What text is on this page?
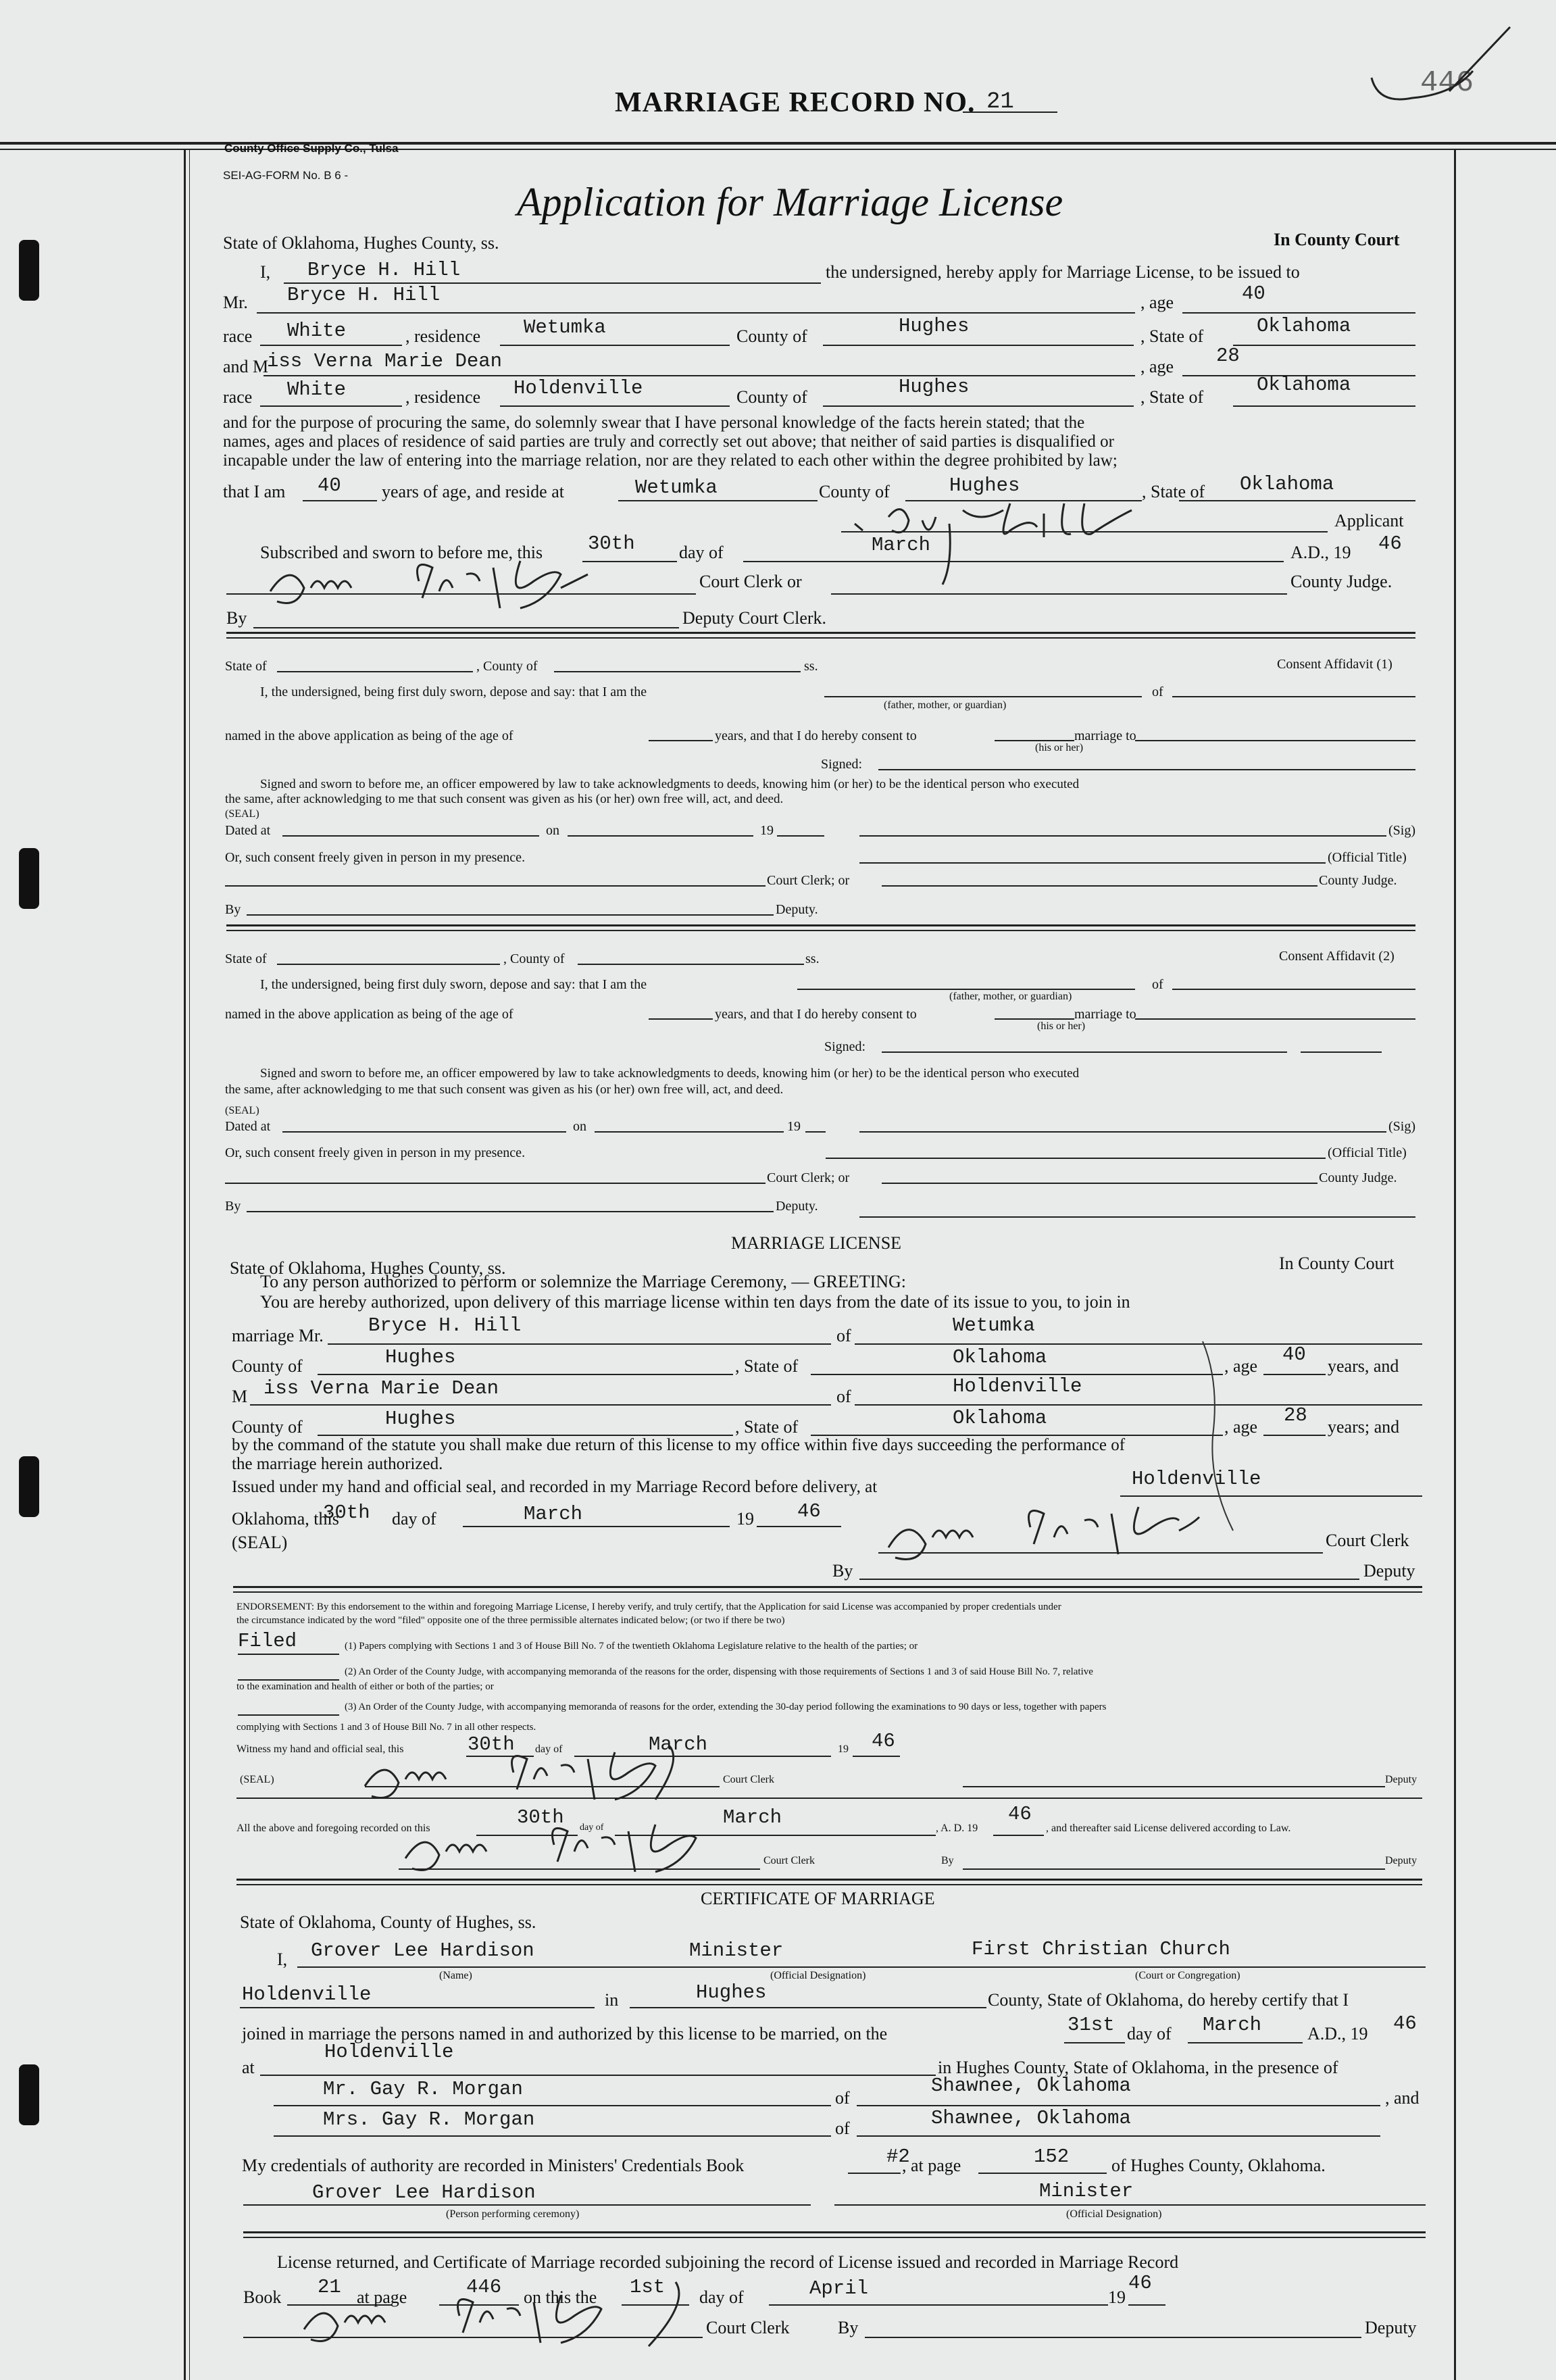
MARRIAGE RECORD NO. 21
446
County Office Supply Co., Tulsa
SEI-AG-FORM No. B 6 -
Application for Marriage License
State of Oklahoma, Hughes County, ss.	In County Court
I, Bryce H. Hill	the undersigned, hereby apply for Marriage License, to be issued to
Mr. Bryce H. Hill	, age	40
race White	, residence Wetumka	County of	Hughes	, State of	Oklahoma
and M
iss Verna Marie Dean	, age 28
race White	, residence Holdenville	County of	Hughes	, State of
Oklahoma
and for the purpose of procuring the same, do solemnly swear that I have personal knowledge of the facts herein stated; that the
names, ages and places of residence of said parties are truly and correctly set out above; that neither of said parties is disqualified or
incapable under the law of entering into the marriage relation, nor are they related to each other within the degree prohibited by law;
that I am 40 years of age, and reside at	Wetumka	County of	Hughes	, State of Oklahoma
Applicant
Subscribed and sworn to before me, this 30th	day of	March	A.D., 19 46
Court Clerk or	County Judge.
By	Deputy Court Clerk.
State of	, County of	ss.	Consent Affidavit (1)
I, the undersigned, being first duly sworn, depose and say: that I am the
(father, mother, or guardian)
of
named in the above application as being of the age of	years, and that I do hereby consent to	marriage to
(his or her)
Signed:
Signed and sworn to before me, an officer empowered by law to take acknowledgments to deeds, knowing him (or her) to be the identical person who executed
the same, after acknowledging to me that such consent was given as his (or her) own free will, act, and deed.
(SEAL)
Dated at	on	19	(Sig)
Or, such consent freely given in person in my presence.	(Official Title)
Court Clerk; or	County Judge.
By	Deputy.
State of	, County of	ss.	Consent Affidavit (2)
I, the undersigned, being first duly sworn, depose and say: that I am the
(father, mother, or guardian)
of
named in the above application as being of the age of	years, and that I do hereby consent to	marriage to
(his or her)
Signed:
Signed and sworn to before me, an officer empowered by law to take acknowledgments to deeds, knowing him (or her) to be the identical person who executed
the same, after acknowledging to me that such consent was given as his (or her) own free will, act, and deed.
(SEAL)
Dated at	on	19	(Sig)
Or, such consent freely given in person in my presence.	(Official Title)
Court Clerk; or	County Judge.
By	Deputy.
MARRIAGE LICENSE
State of Oklahoma, Hughes County, ss.	In County Court
To any person authorized to perform or solemnize the Marriage Ceremony, — GREETING:
You are hereby authorized, upon delivery of this marriage license within ten days from the date of its issue to you, to join in
marriage Mr. Bryce H. Hill	of	Wetumka
County of	Hughes	, State of	Oklahoma	, age
40
years, and
M iss Verna Marie Dean	of	Holdenville
County of	Hughes	, State of	Oklahoma	, age
28
years; and
by the command of the statute you shall make due return of this license to my office within five days succeeding the performance of
the marriage herein authorized.
Issued under my hand and official seal, and recorded in my Marriage Record before delivery, at	Holdenville
Oklahoma, this
30th day of	March	19 46
(SEAL)	Court Clerk
By	Deputy
ENDORSEMENT: By this endorsement to the within and foregoing Marriage License, I hereby verify, and truly certify, that the Application for said License was accompanied by proper credentials under
the circumstance indicated by the word "filed" opposite one of the three permissible alternates indicated below; (or two if there be two)
Filed	(1) Papers complying with Sections 1 and 3 of House Bill No. 7 of the twentieth Oklahoma Legislature relative to the health of the parties; or
(2) An Order of the County Judge, with accompanying memoranda of the reasons for the order, dispensing with those requirements of Sections 1 and 3 of said House Bill No. 7, relative
to the examination and health of either or both of the parties; or
(3) An Order of the County Judge, with accompanying memoranda of reasons for the order, extending the 30-day period following the examinations to 90 days or less, together with papers
complying with Sections 1 and 3 of House Bill No. 7 in all other respects.
Witness my hand and official seal, this	30th day of	March	19 46
(SEAL)	Court Clerk	Deputy
All the above and foregoing recorded on this	30th day of	March	, A. D. 19
46
, and thereafter said License delivered according to Law.
Court Clerk	By	Deputy
CERTIFICATE OF MARRIAGE
State of Oklahoma, County of Hughes, ss.
I, Grover Lee Hardison	Minister	First Christian Church
(Name)	(Official Designation)	(Court or Congregation)
Holdenville	in	Hughes	County, State of Oklahoma, do hereby certify that I
joined in marriage the persons named in and authorized by this license to be married, on the	31st day of March	A.D., 19 46
at
Holdenville
in Hughes County, State of Oklahoma, in the presence of
Mr. Gay R. Morgan	of
Shawnee, Oklahoma
, and
Mrs. Gay R. Morgan	of	Shawnee, Oklahoma
My credentials of authority are recorded in Ministers' Credentials Book	#2
, at page	152 of Hughes County, Oklahoma.
Grover Lee Hardison
(Person performing ceremony)
Minister
(Official Designation)
License returned, and Certificate of Marriage recorded subjoining the record of License issued and recorded in Marriage Record
Book 21 at page	446 on this the 1st day of	April	19
46
Court Clerk	By	Deputy
